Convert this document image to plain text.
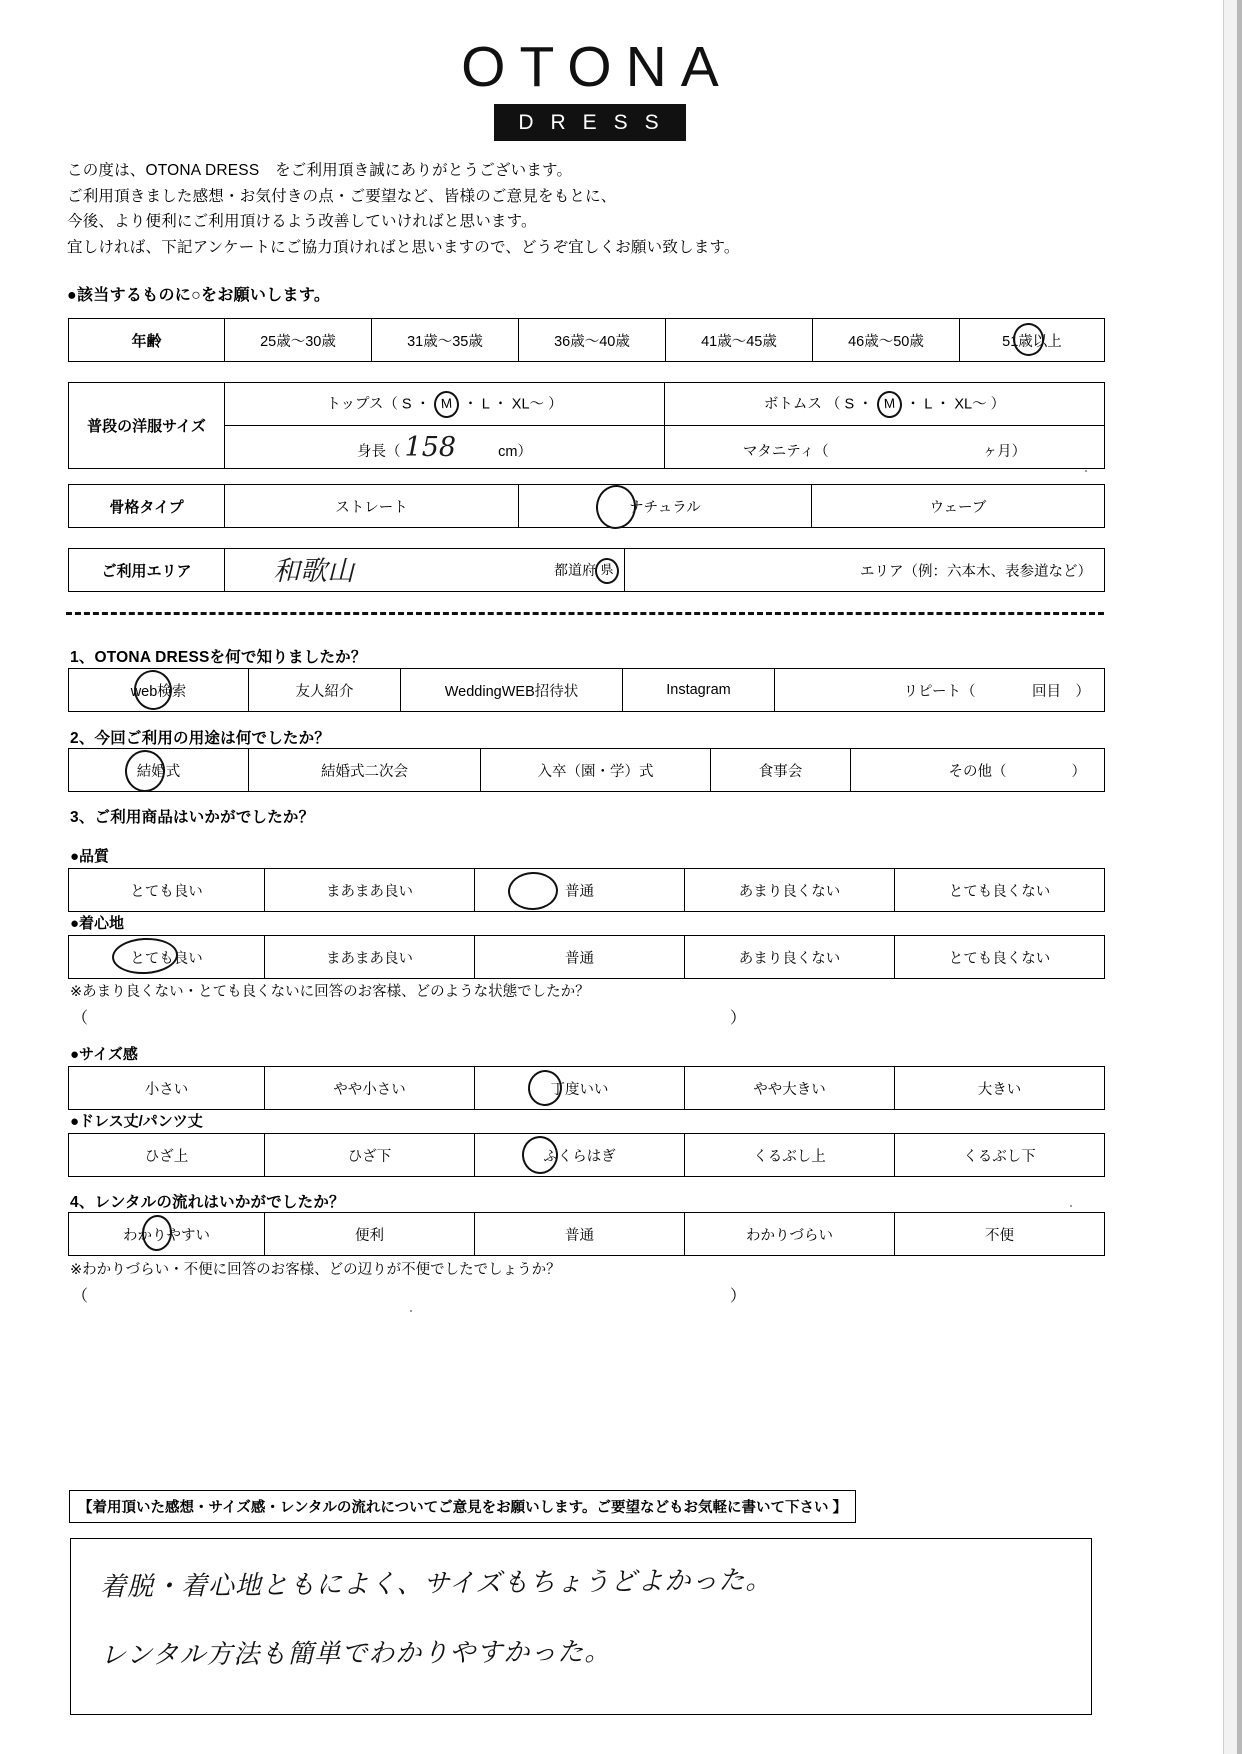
OTONA
DRESS
この度は、OTONA DRESS　をご利用頂き誠にありがとうございます。
ご利用頂きました感想・お気付きの点・ご要望など、皆様のご意見をもとに、
今後、より便利にご利用頂けるよう改善していければと思います。
宜しければ、下記アンケートにご協力頂ければと思いますので、どうぞ宜しくお願い致します。
●該当するものに○をお願いします。
年齢	25歳〜30歳	31歳〜35歳	36歳〜40歳	41歳〜45歳	46歳〜50歳	51歳以上
普段の洋服サイズ	トップス（ S ・ M ・ L ・ XL〜 ）	ボトムス （ S ・ M ・ L ・ XL〜 ）
	身長（ 158 cm）	マタニティ（ ヶ月）
骨格タイプ	ストレート	ナチュラル	ウェーブ
ご利用エリア	和歌山	都道府 県	エリア（例：六本木、表参道など）
1、OTONA DRESSを何で知りましたか？
web検索	友人紹介	WeddingWEB招待状	Instagram	リピート（	回目　）
2、今回ご利用の用途は何でしたか？
結婚式	結婚式二次会	入卒（園・学）式	食事会	その他（	）
3、ご利用商品はいかがでしたか？
●品質
とても良い	まあまあ良い	普通	あまり良くない	とても良くない
●着心地
とても良い	まあまあ良い	普通	あまり良くない	とても良くない
※あまり良くない・とても良くないに回答のお客様、どのような状態でしたか？
（	）
●サイズ感
小さい	やや小さい	丁度いい	やや大きい	大きい
●ドレス丈/パンツ丈
ひざ上	ひざ下	ふくらはぎ	くるぶし上	くるぶし下
4、レンタルの流れはいかがでしたか？
わかりやすい	便利	普通	わかりづらい	不便
※わかりづらい・不便に回答のお客様、どの辺りが不便でしたでしょうか？
（	）
【着用頂いた感想・サイズ感・レンタルの流れについてご意見をお願いします。ご要望などもお気軽に書いて下さい 】
着脱・着心地ともによく、サイズもちょうどよかった。
レンタル方法も簡単でわかりやすかった。
